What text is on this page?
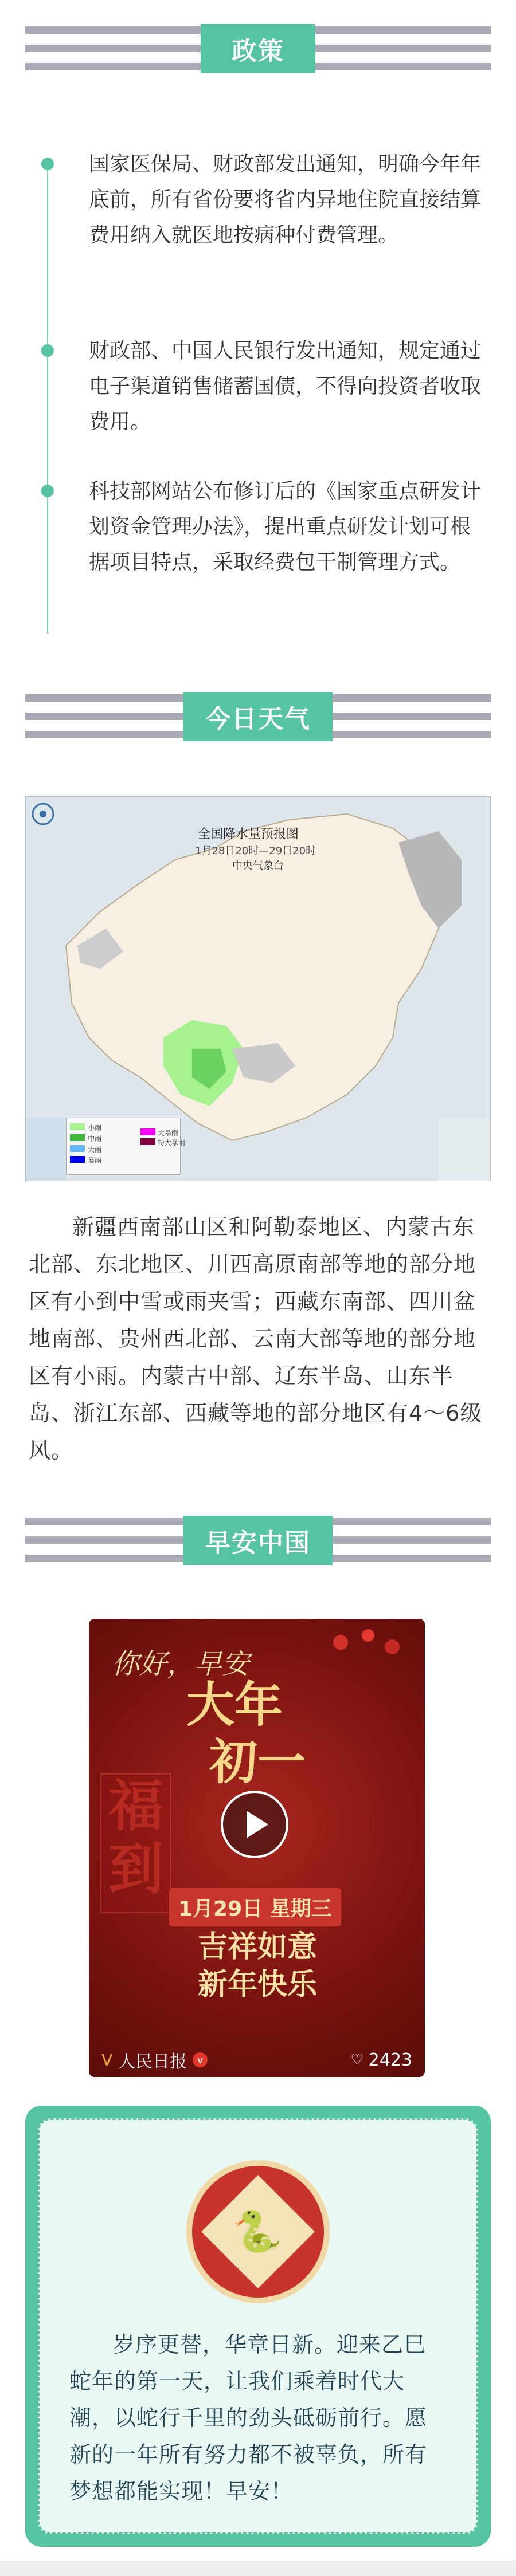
政策
国家医保局、财政部发出通知，明确今年年底前，所有省份要将省内异地住院直接结算费用纳入就医地按病种付费管理。
财政部、中国人民银行发出通知，规定通过电子渠道销售储蓄国债，不得向投资者收取费用。
科技部网站公布修订后的《国家重点研发计划资金管理办法》，提出重点研发计划可根据项目特点，采取经费包干制管理方式。
今日天气
全国降水量预报图
1月28日20时—29日20时
中央气象台
小雨
中雨
大雨
暴雨
大暴雨
特大暴雨
新疆西南部山区和阿勒泰地区、内蒙古东北部、东北地区、川西高原南部等地的部分地区有小到中雪或雨夹雪；西藏东南部、四川盆地南部、贵州西北部、云南大部等地的部分地区有小雨。内蒙古中部、辽东半岛、山东半岛、浙江东部、西藏等地的部分地区有4～6级风。
早安中国
你好，早安
大年
初一
福到
1月29日 星期三
吉祥如意
新年快乐
ᐯ 人民日报 v	♡ 2423
🐍
岁序更替，华章日新。迎来乙巳蛇年的第一天，让我们乘着时代大潮，以蛇行千里的劲头砥砺前行。愿新的一年所有努力都不被辜负，所有梦想都能实现！早安！
